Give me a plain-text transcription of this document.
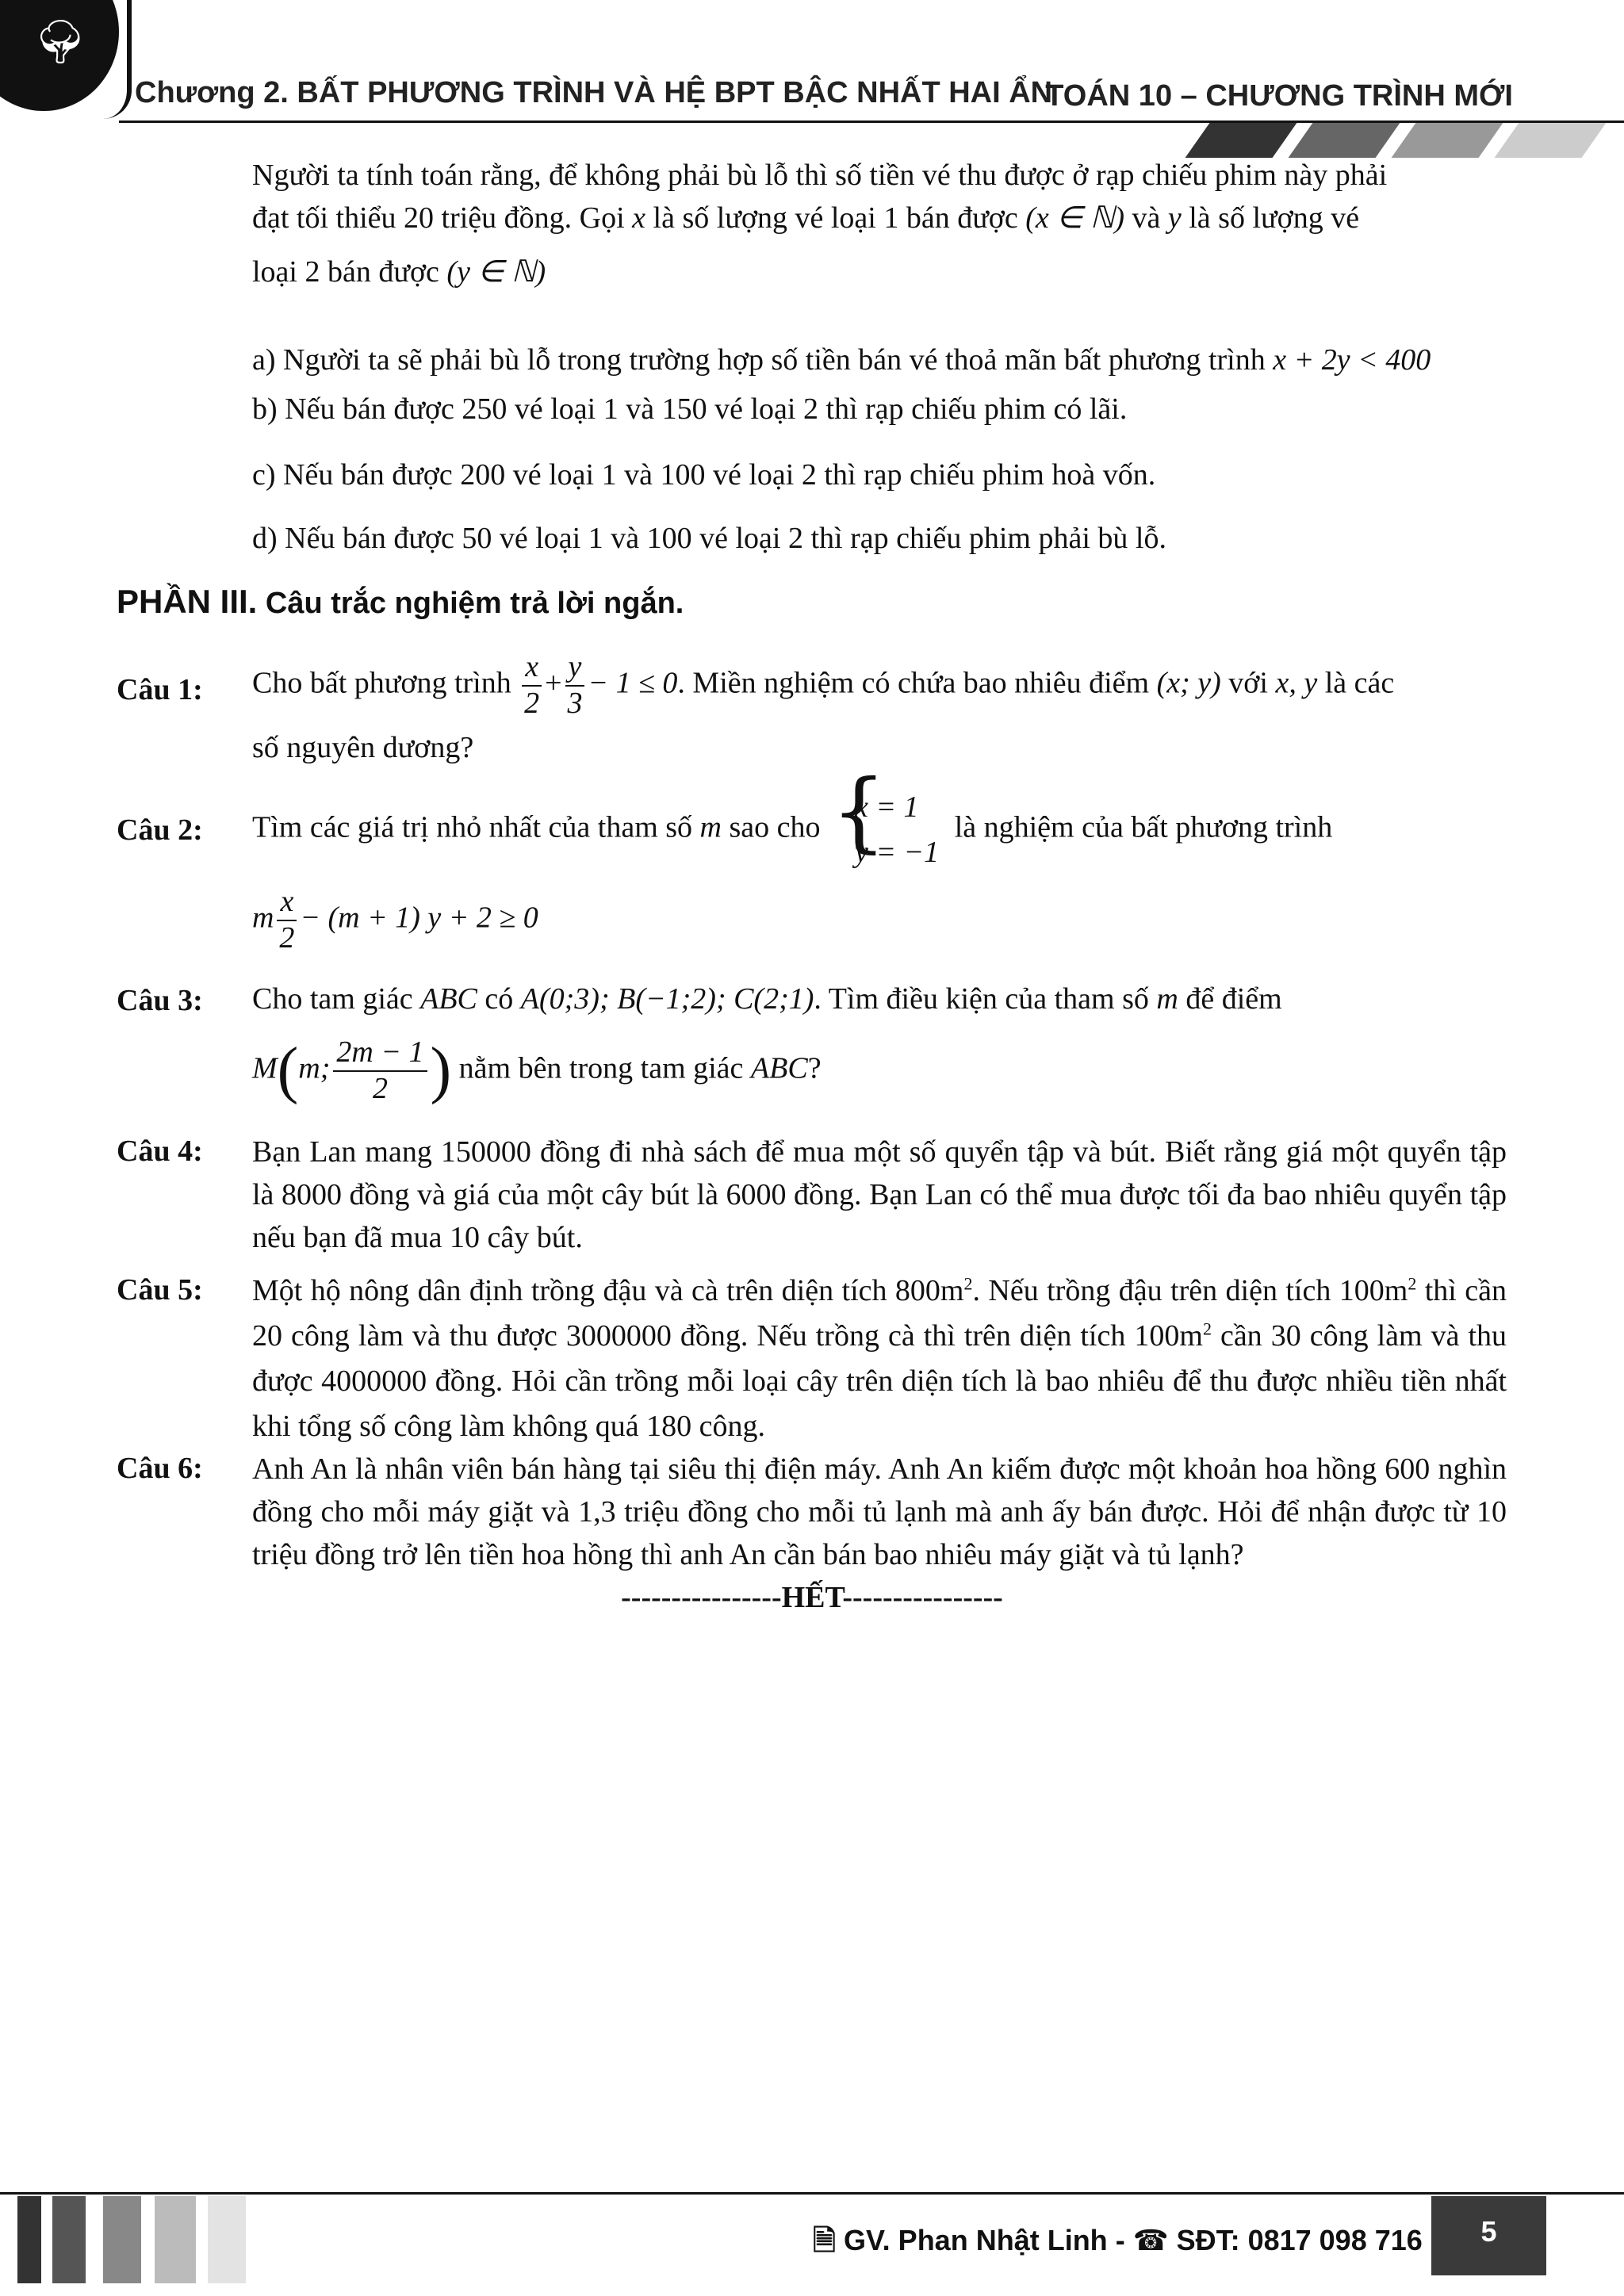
🌳︎
Chương 2. BẤT PHƯƠNG TRÌNH VÀ HỆ BPT BẬC NHẤT HAI ẨN
TOÁN 10 – CHƯƠNG TRÌNH MỚI
Người ta tính toán rằng, để không phải bù lỗ thì số tiền vé thu được ở rạp chiếu phim này phải
đạt tối thiểu 20 triệu đồng. Gọi x là số lượng vé loại 1 bán được (x ∈ ℕ) và y là số lượng vé
loại 2 bán được (y ∈ ℕ)
a) Người ta sẽ phải bù lỗ trong trường hợp số tiền bán vé thoả mãn bất phương trình x + 2y < 400
b) Nếu bán được 250 vé loại 1 và 150 vé loại 2 thì rạp chiếu phim có lãi.
c) Nếu bán được 200 vé loại 1 và 100 vé loại 2 thì rạp chiếu phim hoà vốn.
d) Nếu bán được 50 vé loại 1 và 100 vé loại 2 thì rạp chiếu phim phải bù lỗ.
PHẦN III. Câu trắc nghiệm trả lời ngắn.
Câu 1: Cho bất phương trình $\frac{x}{2} + \frac{y}{3} - 1 \le 0$. Miền nghiệm có chứa bao nhiêu điểm (x; y) với x, y là các
số nguyên dương?
Câu 2: Tìm các giá trị nhỏ nhất của tham số m sao cho
{ x = 1
y = −1
là nghiệm của bất phương trình
m $\frac{x}{2} - (m + 1) y + 2 \ge 0$
Câu 3: Cho tam giác ABC có A(0;3); B(−1;2); C(2;1). Tìm điều kiện của tham số m để điểm
M(m; $\frac{2m - 1}{2}$ ) nằm bên trong tam giác ABC?
Câu 4: Bạn Lan mang 150000 đồng đi nhà sách để mua một số quyển tập và bút. Biết rằng giá một quyển tập là 8000 đồng và giá của một cây bút là 6000 đồng. Bạn Lan có thể mua được tối đa bao nhiêu quyển tập nếu bạn đã mua 10 cây bút.
Câu 5: Một hộ nông dân định trồng đậu và cà trên diện tích $800m^2$. Nếu trồng đậu trên diện tích $100m^2$ thì cần 20 công làm và thu được 3000000 đồng. Nếu trồng cà thì trên diện tích $100m^2$ cần 30 công làm và thu được 4000000 đồng. Hỏi cần trồng mỗi loại cây trên diện tích là bao nhiêu để thu được nhiều tiền nhất khi tổng số công làm không quá 180 công.
Câu 6: Anh An là nhân viên bán hàng tại siêu thị điện máy. Anh An kiếm được một khoản hoa hồng 600 nghìn đồng cho mỗi máy giặt và 1,3 triệu đồng cho mỗi tủ lạnh mà anh ấy bán được. Hỏi để nhận được từ 10 triệu đồng trở lên tiền hoa hồng thì anh An cần bán bao nhiêu máy giặt và tủ lạnh?
----------------HẾT----------------
🗎 GV. Phan Nhật Linh - ☎ SĐT: 0817 098 716	5
